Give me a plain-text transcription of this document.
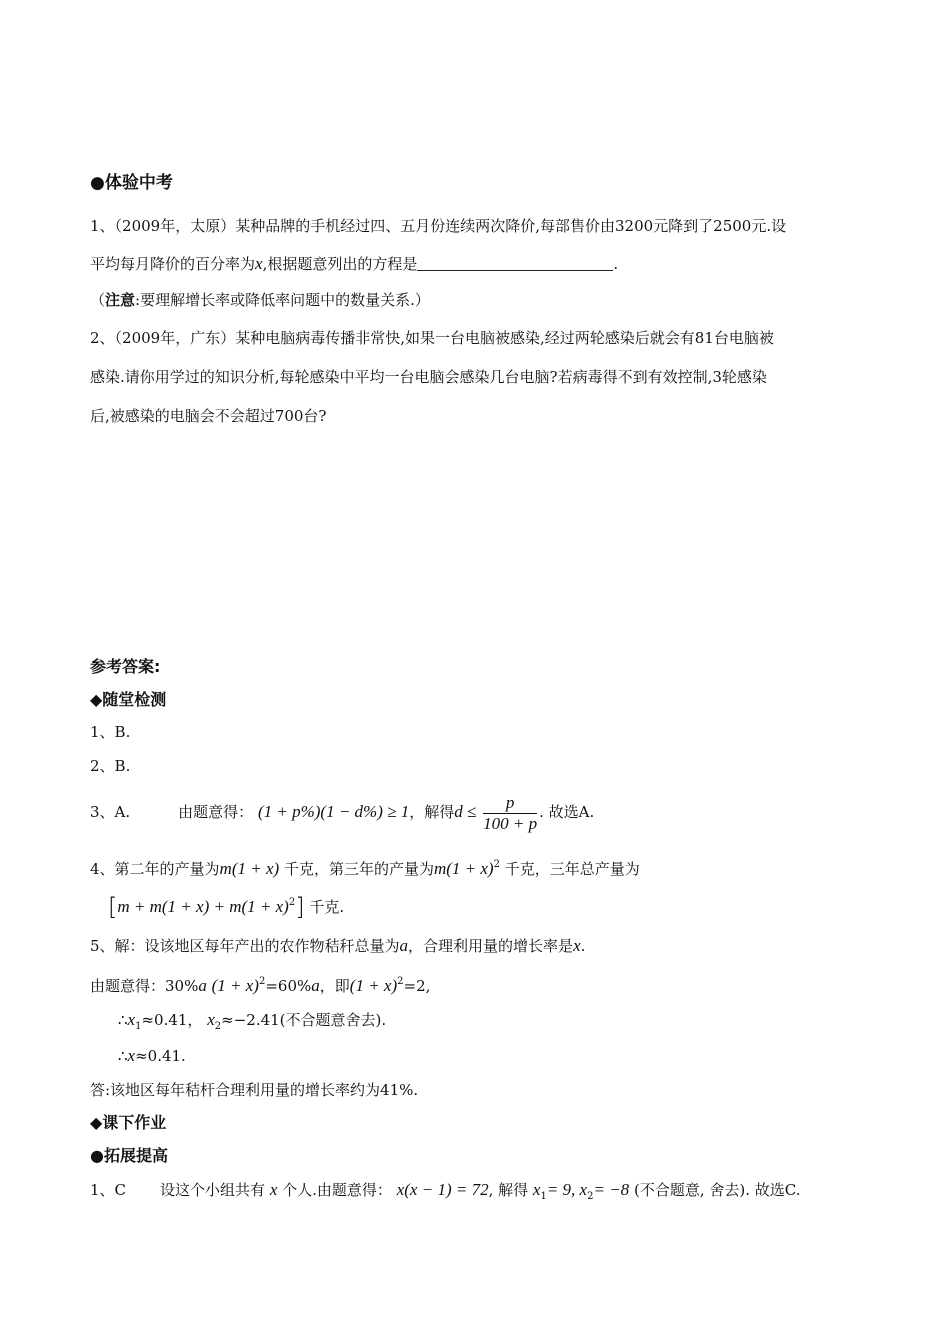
●体验中考
1、（2009年，太原）某种品牌的手机经过四、五月份连续两次降价,每部售价由3200元降到了2500元.设
平均每月降价的百分率为x,根据题意列出的方程是	.
（注意:要理解增长率或降低率问题中的数量关系.）
2、（2009年，广东）某种电脑病毒传播非常快,如果一台电脑被感染,经过两轮感染后就会有81台电脑被
感染.请你用学过的知识分析,每轮感染中平均一台电脑会感染几台电脑?若病毒得不到有效控制,3轮感染
后,被感染的电脑会不会超过700台?
参考答案:
◆随堂检测
1、B.
2、B.
3、A.	由题意得： (1 + p%)(1 − d%) ≥ 1，解得$d \le \frac{p}{100 + p}$ . 故选A.
4、第二年的产量为m(1 + x) 千克，第三年的产量为$m(1 + x)^2$ 千克，三年总产量为
$[m + m(1 + x) + m(1 + x)^2]$ 千克.
5、解：设该地区每年产出的农作物秸秆总量为a，合理利用量的增长率是x.
由题意得：30%a $(1 + x)^2=60\%a$，即$(1 + x)^2=2$,
$\therefore x_1\approx 0.41$， $x_2\approx-2.41$(不合题意舍去).
∴x≈0.41.
答:该地区每年秸杆合理利用量的增长率约为41%.
◆课下作业
●拓展提高
1、C 设这个小组共有 x 个人.由题意得： x(x − 1) = 72, 解得 $x_1= 9$, $x_2= -8$ (不合题意, 舍去). 故选C.
